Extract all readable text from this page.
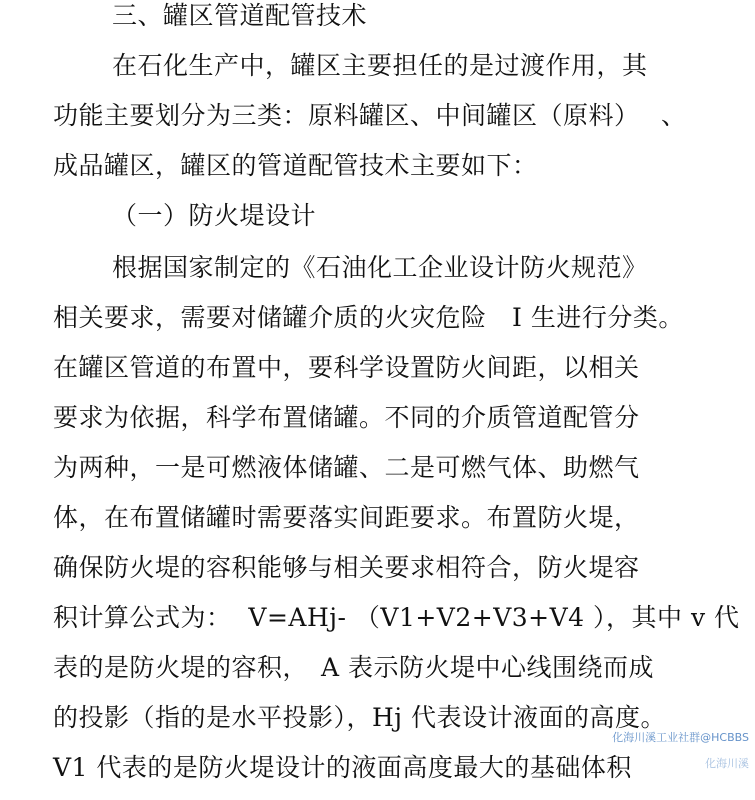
三、罐区管道配管技术
在石化生产中，罐区主要担任的是过渡作用，其
功能主要划分为三类：原料罐区、中间罐区（原料）　 、
成品罐区，罐区的管道配管技术主要如下：
（一）防火堤设计
根据国家制定的《石油化工企业设计防火规范》
相关要求，需要对储罐介质的火灾危险　I 生进行分类。
在罐区管道的布置中，要科学设置防火间距，以相关
要求为依据，科学布置储罐。不同的介质管道配管分
为两种，一是可燃液体储罐、二是可燃气体、助燃气
体，在布置储罐时需要落实间距要求。布置防火堤，
确保防火堤的容积能够与相关要求相符合，防火堤容
积计算公式为：  V=AHj- （V1+V2+V3+V4 ），其中 v 代
表的是防火堤的容积，　A 表示防火堤中心线围绕而成
的投影（指的是水平投影），Hj 代表设计液面的高度。
V1 代表的是防火堤设计的液面高度最大的基础体积

化海川溪工业社群@HCBBS

化海川溪
